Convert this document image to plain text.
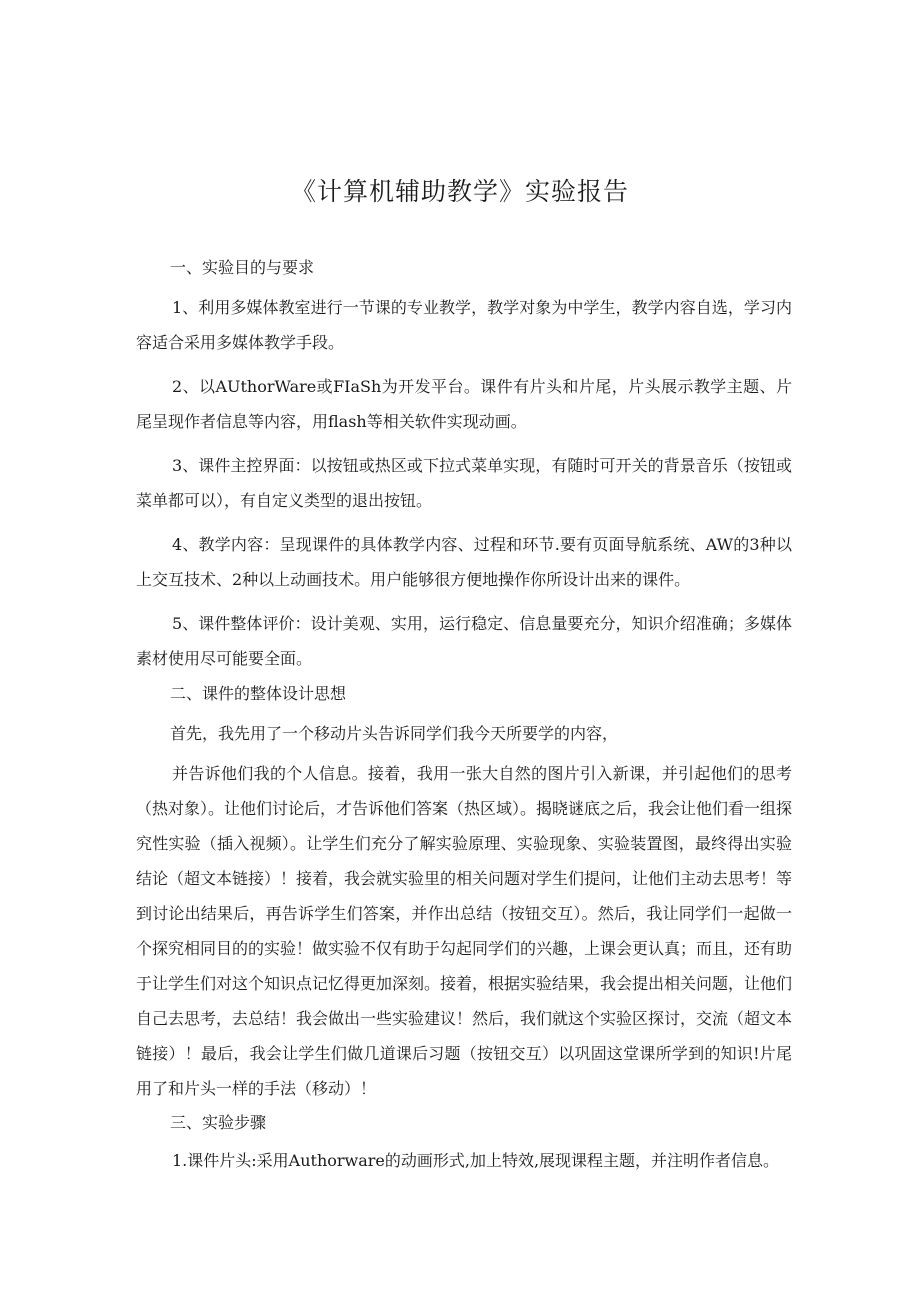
《计算机辅助教学》实验报告

一、实验目的与要求

1、利用多媒体教室进行一节课的专业教学，教学对象为中学生，教学内容自选，学习内容适合采用多媒体教学手段。

2、以AUthorWare或FIaSh为开发平台。课件有片头和片尾，片头展示教学主题、片尾呈现作者信息等内容，用flash等相关软件实现动画。

3、课件主控界面：以按钮或热区或下拉式菜单实现，有随时可开关的背景音乐（按钮或菜单都可以），有自定义类型的退出按钮。

4、教学内容：呈现课件的具体教学内容、过程和环节.要有页面导航系统、AW的3种以上交互技术、2种以上动画技术。用户能够很方便地操作你所设计出来的课件。

5、课件整体评价：设计美观、实用，运行稳定、信息量要充分，知识介绍准确；多媒体素材使用尽可能要全面。

二、课件的整体设计思想

首先，我先用了一个移动片头告诉同学们我今天所要学的内容，

并告诉他们我的个人信息。接着，我用一张大自然的图片引入新课，并引起他们的思考（热对象）。让他们讨论后，才告诉他们答案（热区域）。揭晓谜底之后，我会让他们看一组探究性实验（插入视频）。让学生们充分了解实验原理、实验现象、实验装置图，最终得出实验结论（超文本链接）！接着，我会就实验里的相关问题对学生们提问，让他们主动去思考！等到讨论出结果后，再告诉学生们答案，并作出总结（按钮交互）。然后，我让同学们一起做一个探究相同目的的实验！做实验不仅有助于勾起同学们的兴趣，上课会更认真；而且，还有助于让学生们对这个知识点记忆得更加深刻。接着，根据实验结果，我会提出相关问题，让他们自己去思考，去总结！我会做出一些实验建议！然后，我们就这个实验区探讨，交流（超文本链接）！最后，我会让学生们做几道课后习题（按钮交互）以巩固这堂课所学到的知识!片尾用了和片头一样的手法（移动）！

三、实验步骤

1.课件片头:采用Authorware的动画形式,加上特效,展现课程主题，并注明作者信息。
